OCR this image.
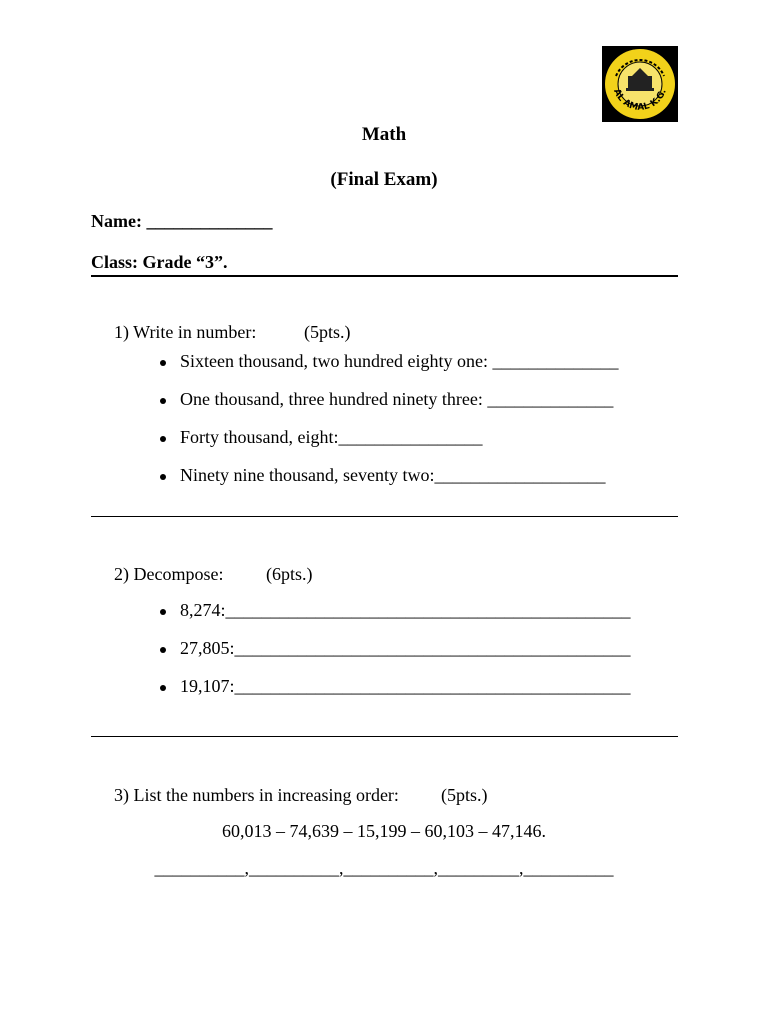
AL AMAL K.G.
Math
(Final Exam)
Name: ______________
Class: Grade “3”.
1) Write in number:	(5pts.)
Sixteen thousand, two hundred eighty one: ______________
One thousand, three hundred ninety three: ______________
Forty thousand, eight:________________
Ninety nine thousand, seventy two:___________________
2) Decompose: (6pts.)
8,274:_____________________________________________
27,805:____________________________________________
19,107:____________________________________________
3) List the numbers in increasing order: (5pts.)
60,013 – 74,639 – 15,199 – 60,103 – 47,146.
__________,__________,__________,_________,__________
